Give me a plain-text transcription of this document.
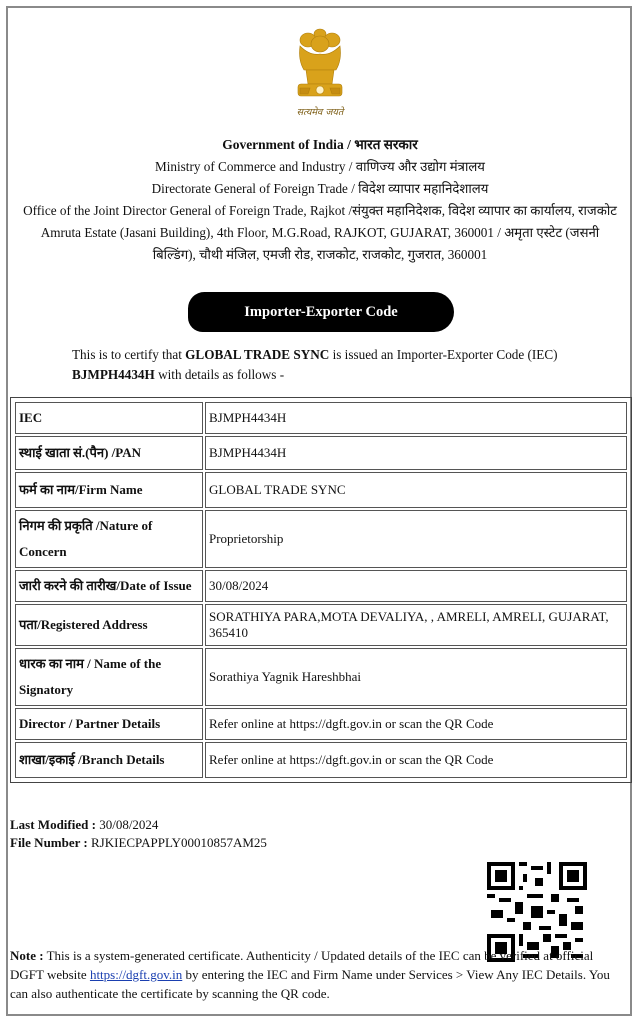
सत्यमेव जयते
Government of India / भारत सरकार
Ministry of Commerce and Industry / वाणिज्य और उद्योग मंत्रालय
Directorate General of Foreign Trade / विदेश व्यापार महानिदेशालय
Office of the Joint Director General of Foreign Trade, Rajkot /संयुक्त महानिदेशक, विदेश व्यापार का कार्यालय, राजकोट
Amruta Estate (Jasani Building), 4th Floor, M.G.Road, RAJKOT, GUJARAT, 360001 / अमृता एस्टेट (जसनी बिल्डिंग), चौथी मंजिल, एमजी रोड, राजकोट, राजकोट, गुजरात, 360001
Importer-Exporter Code
This is to certify that GLOBAL TRADE SYNC is issued an Importer-Exporter Code (IEC) BJMPH4434H with details as follows -
IEC	BJMPH4434H
स्थाई खाता सं.(पैन) /PAN	BJMPH4434H
फर्म का नाम/Firm Name	GLOBAL TRADE SYNC
निगम की प्रकृति /Nature of Concern	Proprietorship
जारी करने की तारीख/Date of Issue	30/08/2024
पता/Registered Address	SORATHIYA PARA,MOTA DEVALIYA, , AMRELI, AMRELI, GUJARAT, 365410
धारक का नाम / Name of the Signatory	Sorathiya Yagnik Hareshbhai
Director / Partner Details	Refer online at https://dgft.gov.in or scan the QR Code
शाखा/इकाई /Branch Details	Refer online at https://dgft.gov.in or scan the QR Code
Last Modified : 30/08/2024
File Number : RJKIECPAPPLY00010857AM25
Note : This is a system-generated certificate. Authenticity / Updated details of the IEC can be verified at official DGFT website https://dgft.gov.in by entering the IEC and Firm Name under Services > View Any IEC Details. You can also authenticate the certificate by scanning the QR code.
